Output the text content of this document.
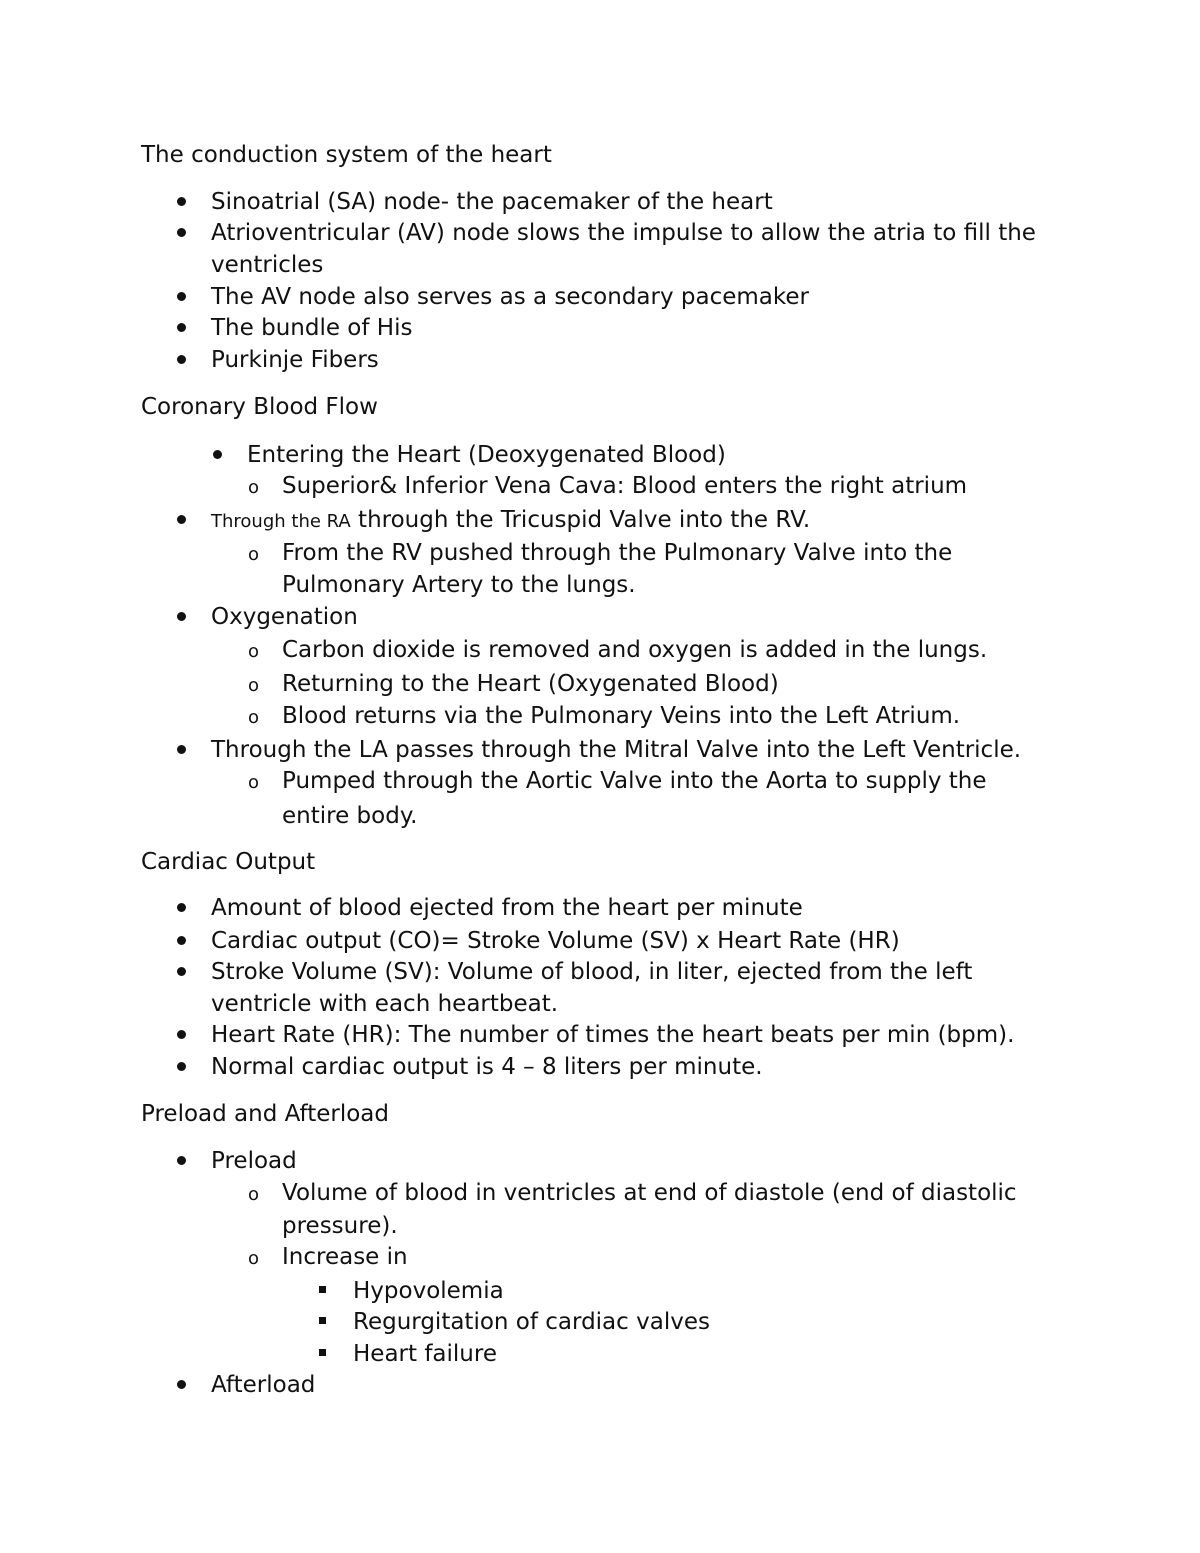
The conduction system of the heart
Sinoatrial (SA) node- the pacemaker of the heart
Atrioventricular (AV) node slows the impulse to allow the atria to fill the
ventricles
The AV node also serves as a secondary pacemaker
The bundle of His
Purkinje Fibers
Coronary Blood Flow
Entering the Heart (Deoxygenated Blood)
o Superior& Inferior Vena Cava: Blood enters the right atrium
Through the RA through the Tricuspid Valve into the RV.
o From the RV pushed through the Pulmonary Valve into the
Pulmonary Artery to the lungs.
Oxygenation
o Carbon dioxide is removed and oxygen is added in the lungs.
o Returning to the Heart (Oxygenated Blood)
o Blood returns via the Pulmonary Veins into the Left Atrium.
Through the LA passes through the Mitral Valve into the Left Ventricle.
o Pumped through the Aortic Valve into the Aorta to supply the
entire body.
Cardiac Output
Amount of blood ejected from the heart per minute
Cardiac output (CO)= Stroke Volume (SV) x Heart Rate (HR)
Stroke Volume (SV): Volume of blood, in liter, ejected from the left
ventricle with each heartbeat.
Heart Rate (HR): The number of times the heart beats per min (bpm).
Normal cardiac output is 4 – 8 liters per minute.
Preload and Afterload
Preload
o Volume of blood in ventricles at end of diastole (end of diastolic
pressure).
o Increase in
Hypovolemia
Regurgitation of cardiac valves
Heart failure
Afterload
